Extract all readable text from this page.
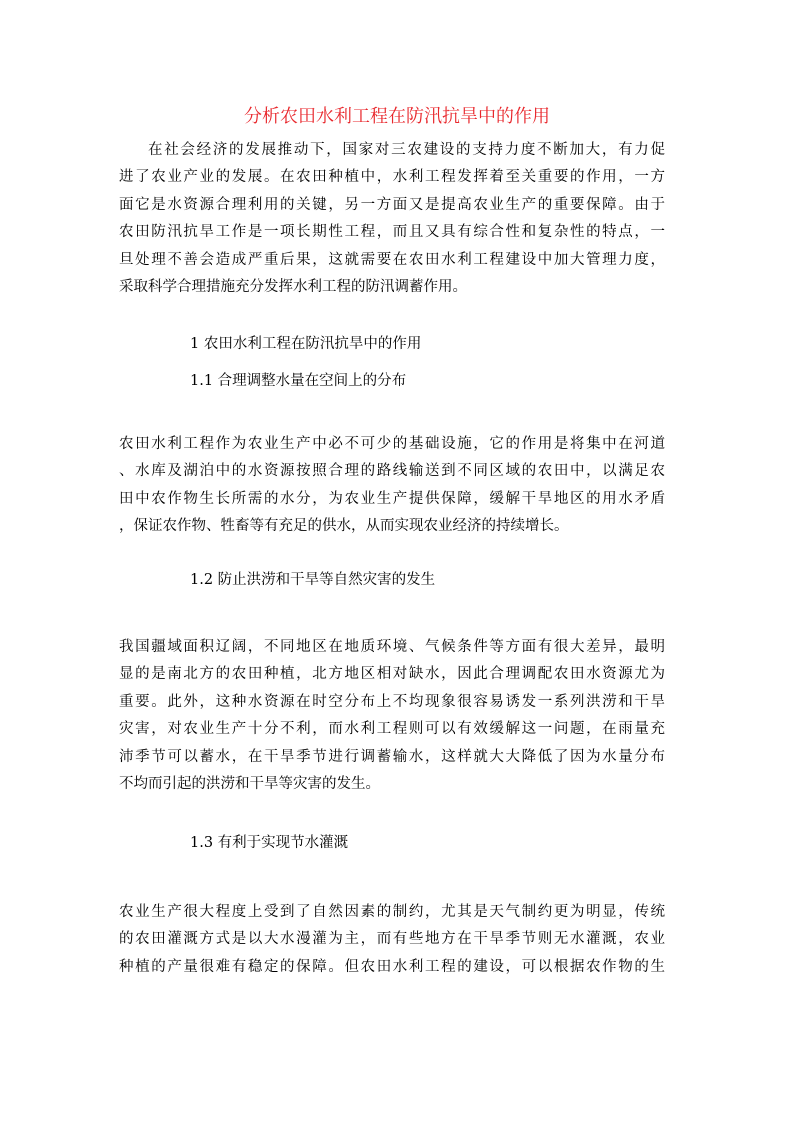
分析农田水利工程在防汛抗旱中的作用
在社会经济的发展推动下，国家对三农建设的支持力度不断加大，有力促
进了农业产业的发展。在农田种植中，水利工程发挥着至关重要的作用，一方
面它是水资源合理利用的关键，另一方面又是提高农业生产的重要保障。由于
农田防汛抗旱工作是一项长期性工程，而且又具有综合性和复杂性的特点，一
旦处理不善会造成严重后果，这就需要在农田水利工程建设中加大管理力度，
采取科学合理措施充分发挥水利工程的防汛调蓄作用。
1 农田水利工程在防汛抗旱中的作用
1.1 合理调整水量在空间上的分布
农田水利工程作为农业生产中必不可少的基础设施，它的作用是将集中在河道
、水库及湖泊中的水资源按照合理的路线输送到不同区域的农田中，以满足农
田中农作物生长所需的水分，为农业生产提供保障，缓解干旱地区的用水矛盾
，保证农作物、牲畜等有充足的供水，从而实现农业经济的持续增长。
1.2 防止洪涝和干旱等自然灾害的发生
我国疆域面积辽阔，不同地区在地质环境、气候条件等方面有很大差异，最明
显的是南北方的农田种植，北方地区相对缺水，因此合理调配农田水资源尤为
重要。此外，这种水资源在时空分布上不均现象很容易诱发一系列洪涝和干旱
灾害，对农业生产十分不利，而水利工程则可以有效缓解这一问题，在雨量充
沛季节可以蓄水，在干旱季节进行调蓄输水，这样就大大降低了因为水量分布
不均而引起的洪涝和干旱等灾害的发生。
1.3 有利于实现节水灌溉
农业生产很大程度上受到了自然因素的制约，尤其是天气制约更为明显，传统
的农田灌溉方式是以大水漫灌为主，而有些地方在干旱季节则无水灌溉，农业
种植的产量很难有稳定的保障。但农田水利工程的建设，可以根据农作物的生
